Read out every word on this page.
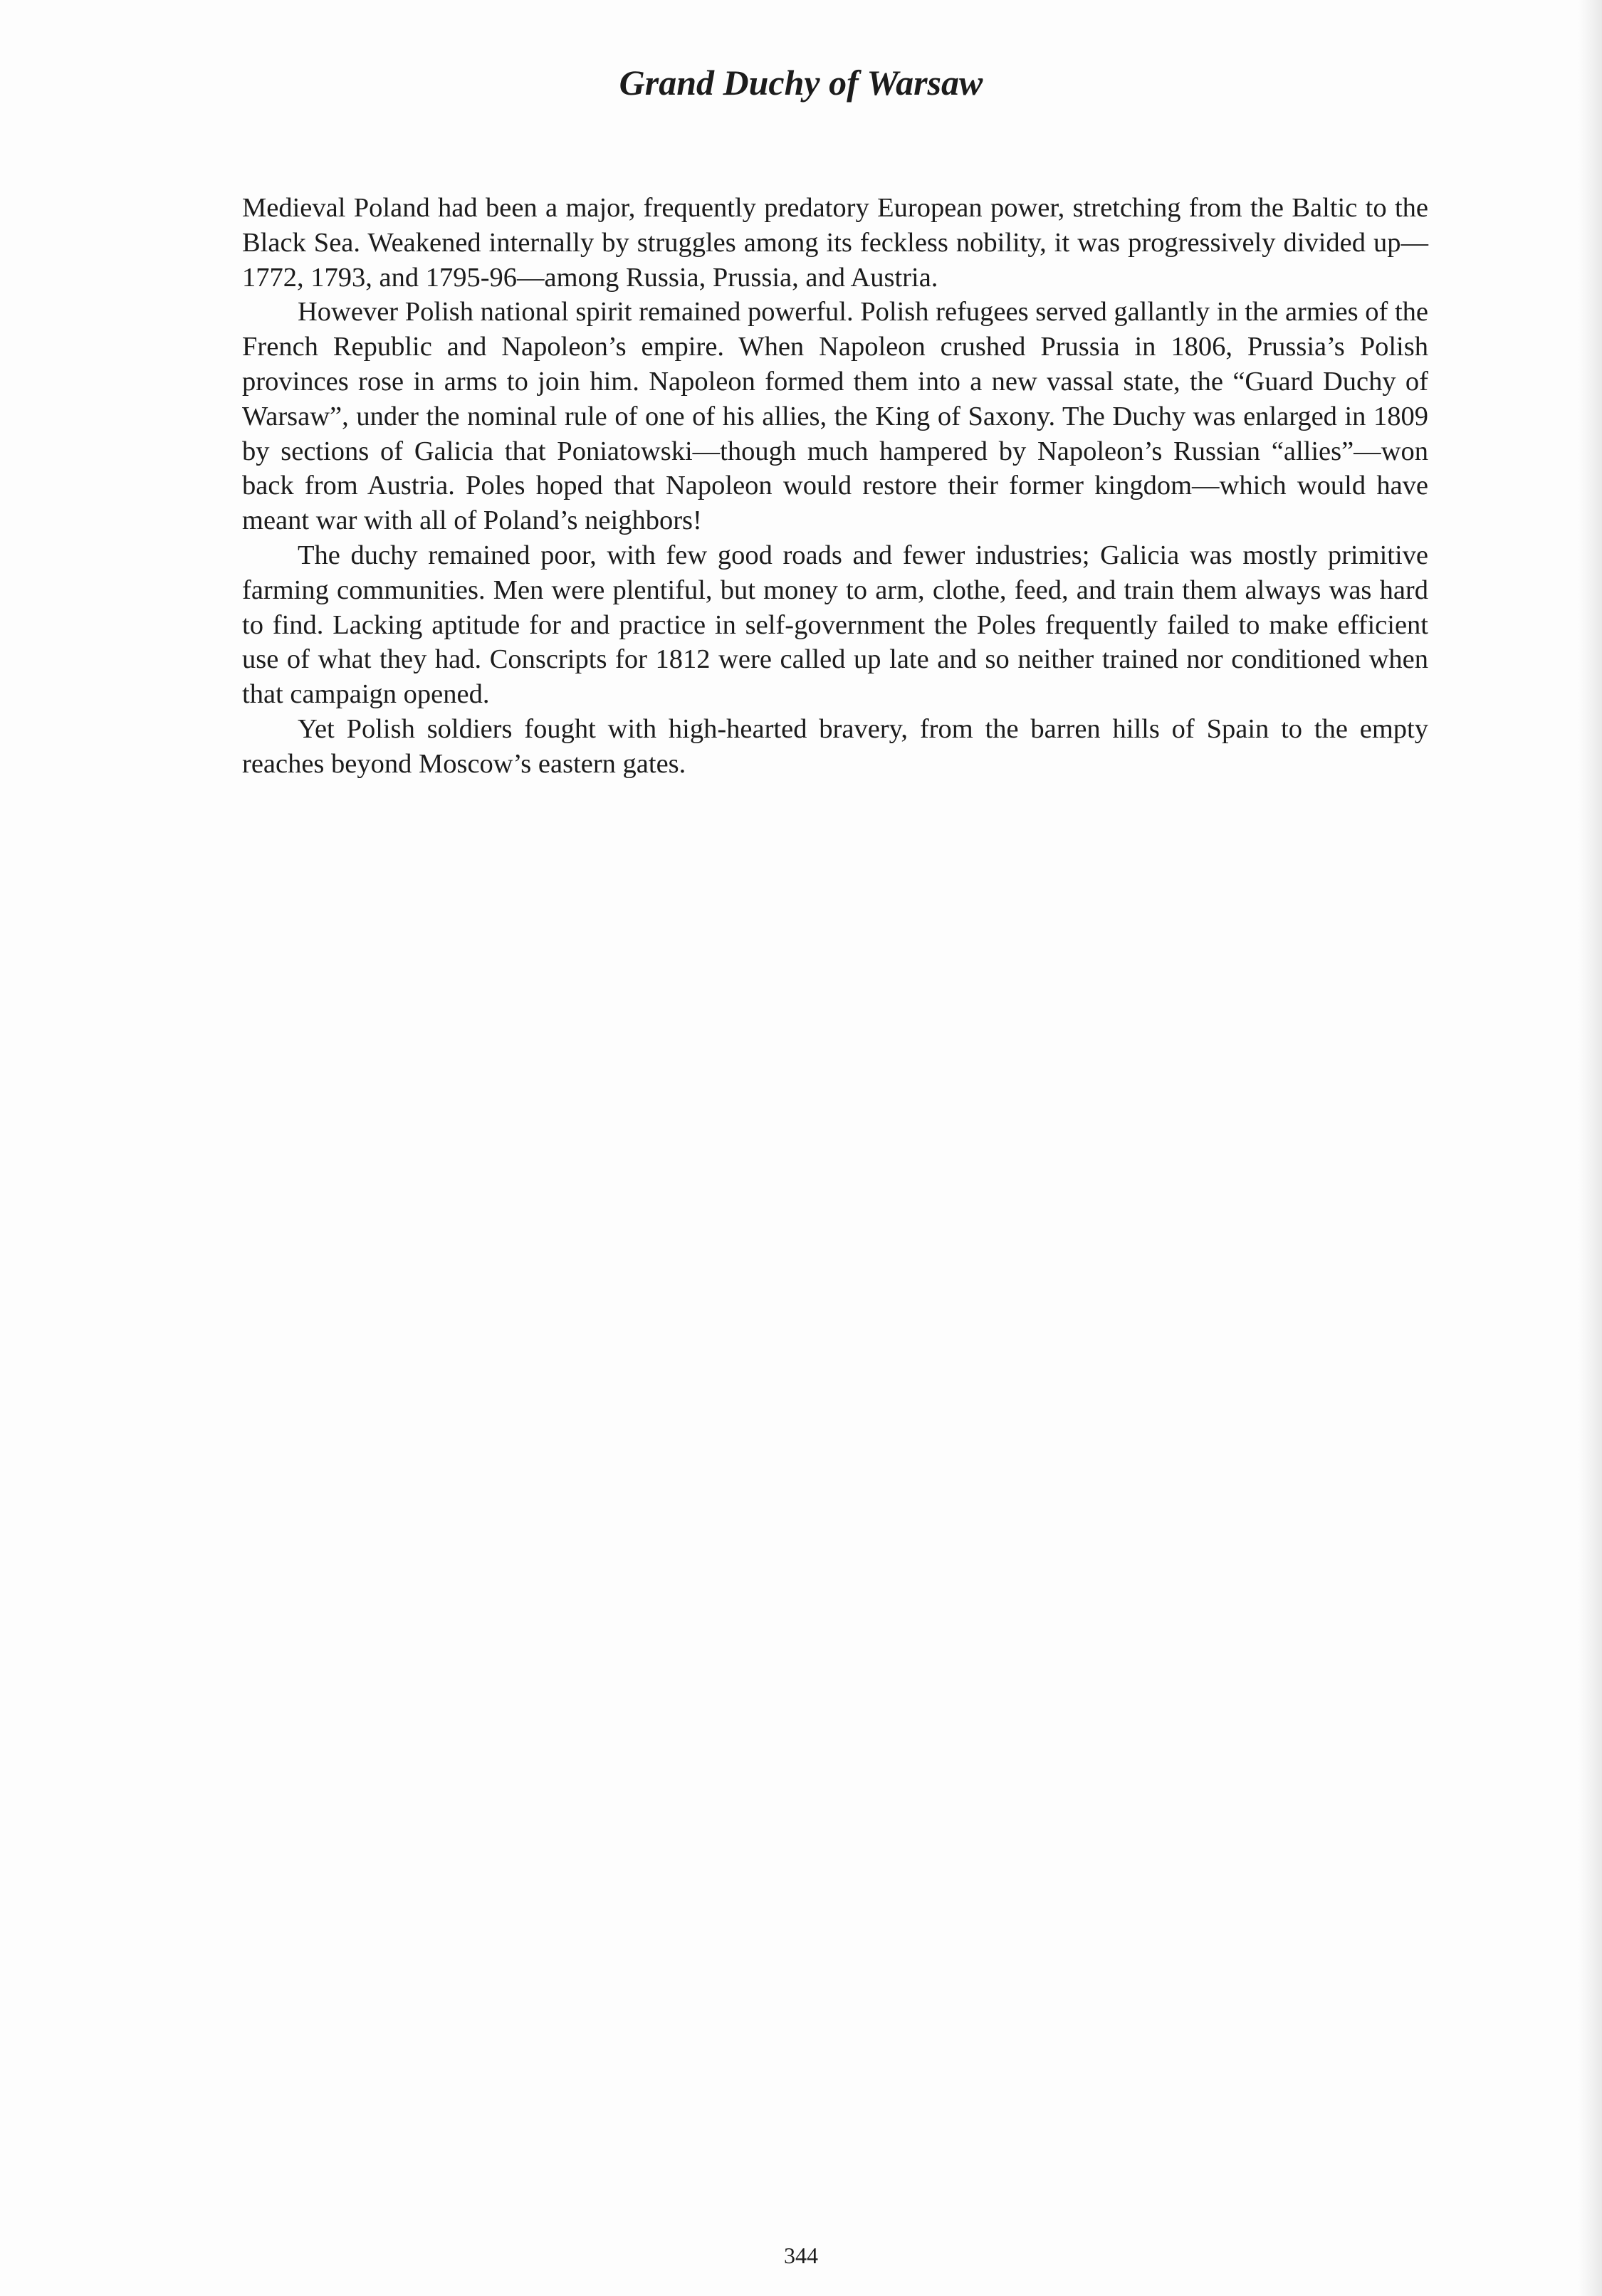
Grand Duchy of Warsaw

Medieval Poland had been a major, frequently predatory European power, stretching from the Baltic to the Black Sea. Weakened internally by struggles among its feckless nobility, it was progressively divided up—1772, 1793, and 1795-96—among Russia, Prussia, and Austria.

However Polish national spirit remained powerful. Polish refugees served gallantly in the armies of the French Republic and Napoleon’s empire. When Napoleon crushed Prussia in 1806, Prussia’s Polish provinces rose in arms to join him. Napoleon formed them into a new vassal state, the “Guard Duchy of Warsaw”, under the nominal rule of one of his allies, the King of Saxony. The Duchy was enlarged in 1809 by sections of Galicia that Poniatowski—though much hampered by Napoleon’s Russian “allies”—won back from Austria. Poles hoped that Napoleon would restore their former kingdom—which would have meant war with all of Poland’s neighbors!

The duchy remained poor, with few good roads and fewer industries; Galicia was mostly primitive farming communities. Men were plentiful, but money to arm, clothe, feed, and train them always was hard to find. Lacking aptitude for and practice in self-government the Poles frequently failed to make efficient use of what they had. Conscripts for 1812 were called up late and so neither trained nor conditioned when that campaign opened.

Yet Polish soldiers fought with high-hearted bravery, from the barren hills of Spain to the empty reaches beyond Moscow’s eastern gates.

344
